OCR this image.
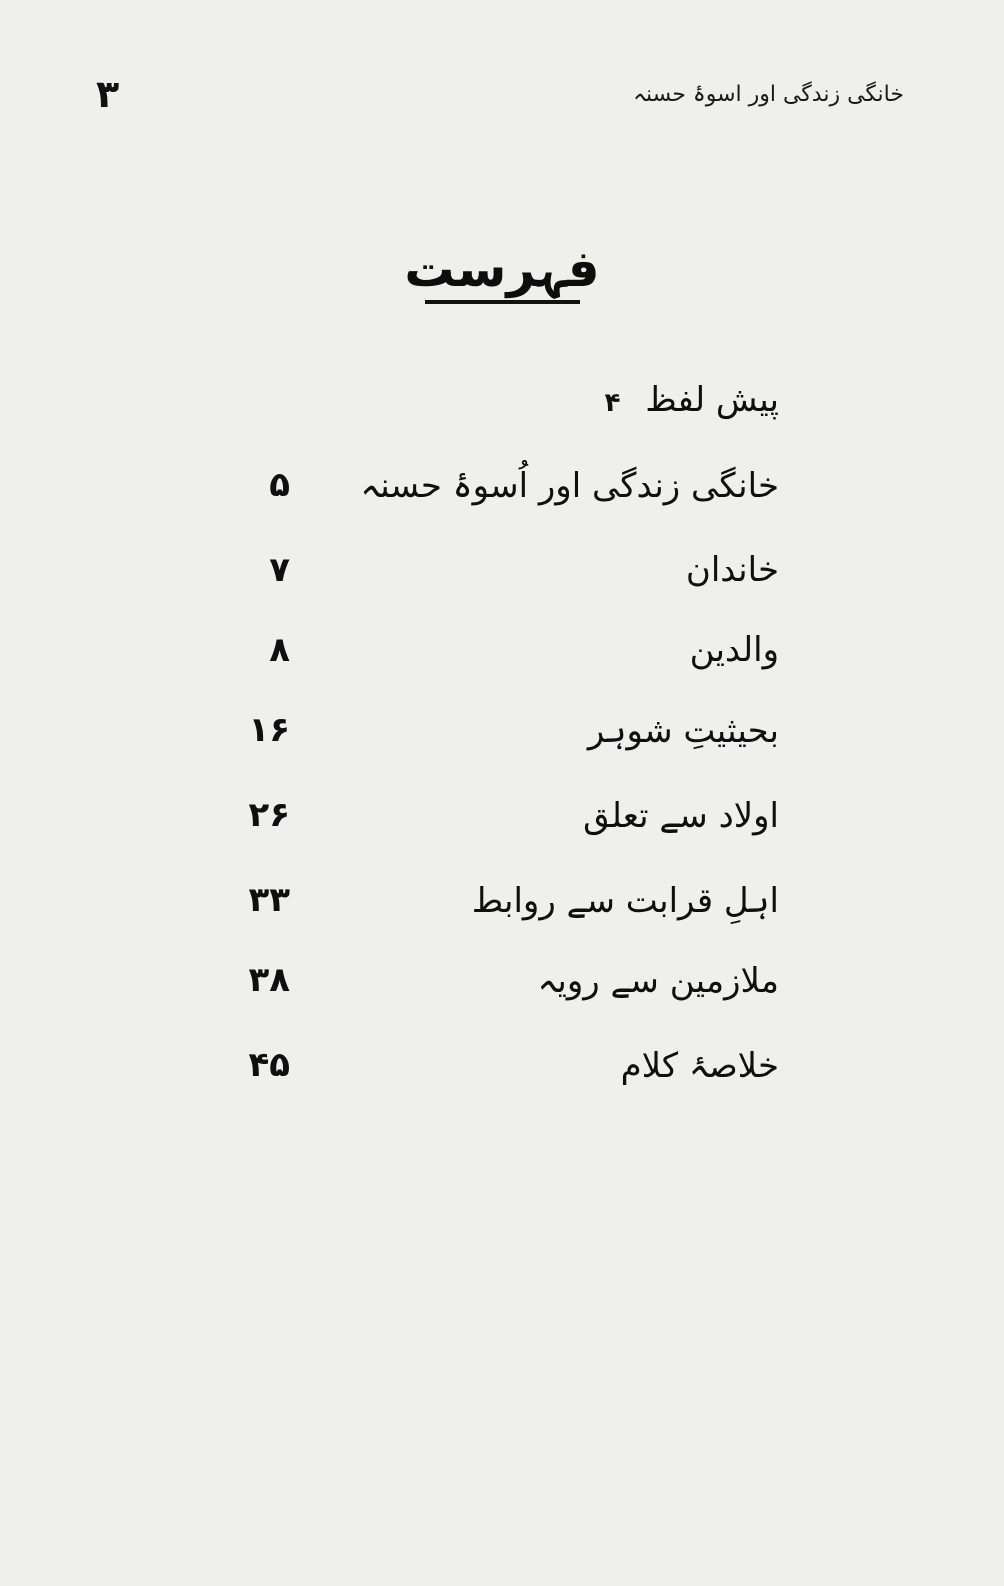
خانگی زندگی اور اسوۂ حسنہ
۳
فہرست
پیش لفظ ۴
خانگی زندگی اور اُسوۂ حسنہ
۵
خاندان
۷
والدین
۸
بحیثیتِ شوہر
۱۶
اولاد سے تعلق
۲۶
اہلِ قرابت سے روابط
۳۳
ملازمین سے رویہ
۳۸
خلاصۂ کلام
۴۵
